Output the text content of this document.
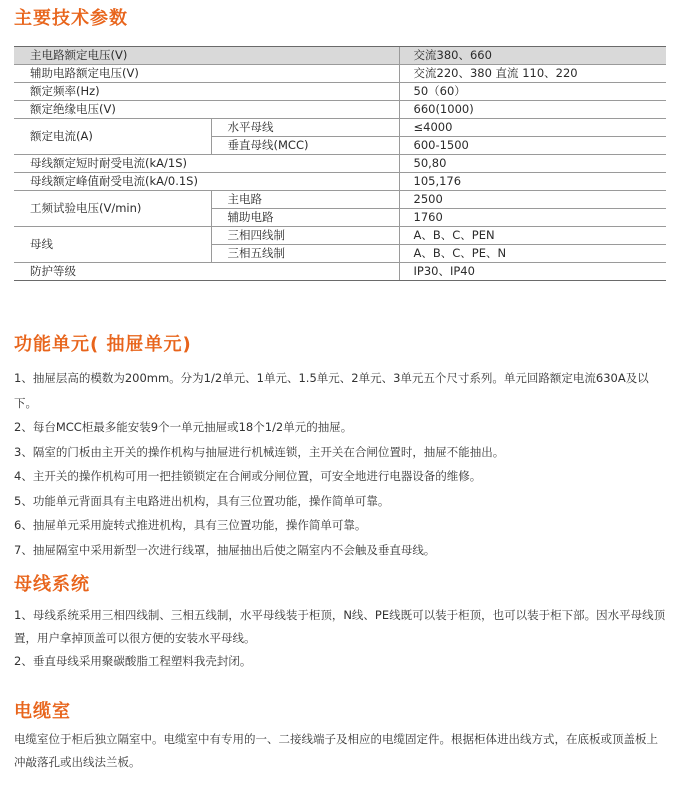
主要技术参数
主电路额定电压(V)		交流380、660
辅助电路额定电压(V)		交流220、380 直流 110、220
额定频率(Hz)		50（60）
额定绝缘电压(V)		660(1000)
额定电流(A)	水平母线	≤4000
	垂直母线(MCC)	600-1500
母线额定短时耐受电流(kA/1S)		50,80
母线额定峰值耐受电流(kA/0.1S)		105,176
工频试验电压(V/min)	主电路	2500
	辅助电路	1760
母线	三相四线制	A、B、C、PEN
	三相五线制	A、B、C、PE、N
防护等级		IP30、IP40
功能单元( 抽屉单元)
1、抽屉层高的模数为200mm。分为1/2单元、1单元、1.5单元、2单元、3单元五个尺寸系列。单元回路额定电流630A及以下。
2、每台MCC柜最多能安装9个一单元抽屉或18个1/2单元的抽屉。
3、隔室的门板由主开关的操作机构与抽屉进行机械连锁，主开关在合闸位置时，抽屉不能抽出。
4、主开关的操作机构可用一把挂锁锁定在合闸或分闸位置，可安全地进行电器设备的维修。
5、功能单元背面具有主电路进出机构，具有三位置功能，操作简单可靠。
6、抽屉单元采用旋转式推进机构，具有三位置功能，操作简单可靠。
7、抽屉隔室中采用新型一次进行线罩，抽屉抽出后使之隔室内不会触及垂直母线。
母线系统
1、母线系统采用三相四线制、三相五线制，水平母线装于柜顶，N线、PE线既可以装于柜顶，也可以装于柜下部。因水平母线顶置，用户拿掉顶盖可以很方便的安装水平母线。
2、垂直母线采用聚碳酸脂工程塑料我壳封闭。
电缆室

电缆室位于柜后独立隔室中。电缆室中有专用的一、二接线端子及相应的电缆固定件。根据柜体进出线方式，在底板或顶盖板上冲敲落孔或出线法兰板。
